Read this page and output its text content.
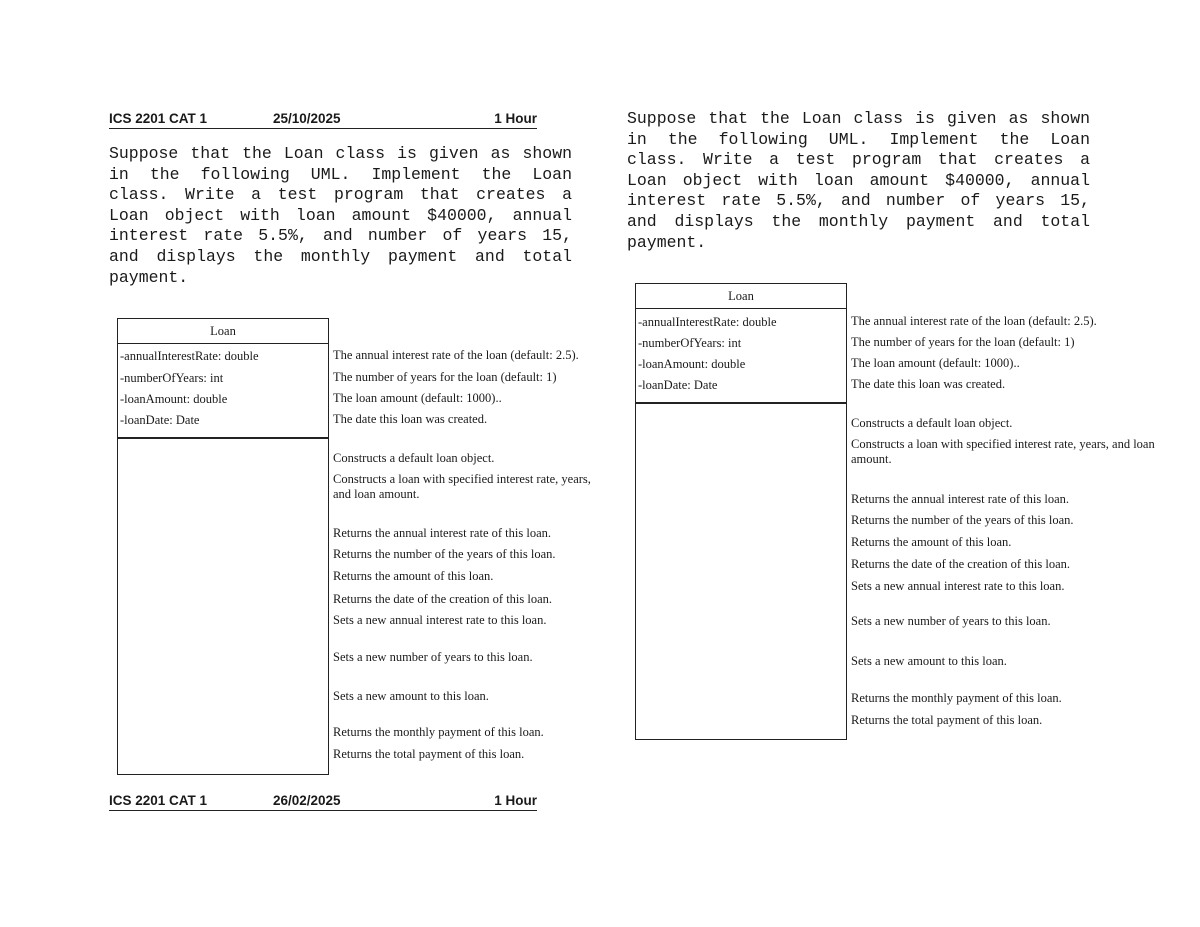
ICS 2201 CAT 1	25/10/2025	1 Hour

Suppose that the Loan class is given as shown in the following UML. Implement the Loan class. Write a test program that creates a Loan object with loan amount $40000, annual interest rate 5.5%, and number of years 15, and displays the monthly payment and total payment.

Suppose that the Loan class is given as shown in the following UML. Implement the Loan class. Write a test program that creates a Loan object with loan amount $40000, annual interest rate 5.5%, and number of years 15, and displays the monthly payment and total payment.

The annual interest rate of the loan (default: 2.5).
The number of years for the loan (default: 1)
The loan amount (default: 1000)..
The date this loan was created.
Constructs a default loan object.
Constructs a loan with specified interest rate, years, and loan amount.
Returns the annual interest rate of this loan.
Returns the number of the years of this loan.
Returns the amount of this loan.
Returns the date of the creation of this loan.
Sets a new annual interest rate to this loan.
Sets a new number of years to this loan.
Sets a new amount to this loan.
Returns the monthly payment of this loan.
Returns the total payment of this loan.
Loan
-annualInterestRate: double
-numberOfYears: int
-loanAmount: double
-loanDate: Date
The annual interest rate of the loan (default: 2.5).
The number of years for the loan (default: 1)
The loan amount (default: 1000)..
The date this loan was created.
Constructs a default loan object.
Constructs a loan with specified interest rate, years, and loan amount.
Returns the annual interest rate of this loan.
Returns the number of the years of this loan.
Returns the amount of this loan.
Returns the date of the creation of this loan.
Sets a new annual interest rate to this loan.
Sets a new number of years to this loan.
Sets a new amount to this loan.
Returns the monthly payment of this loan.
Returns the total payment of this loan.
Loan
-annualInterestRate: double
-numberOfYears: int
-loanAmount: double
-loanDate: Date
ICS 2201 CAT 1	26/02/2025	1 Hour
